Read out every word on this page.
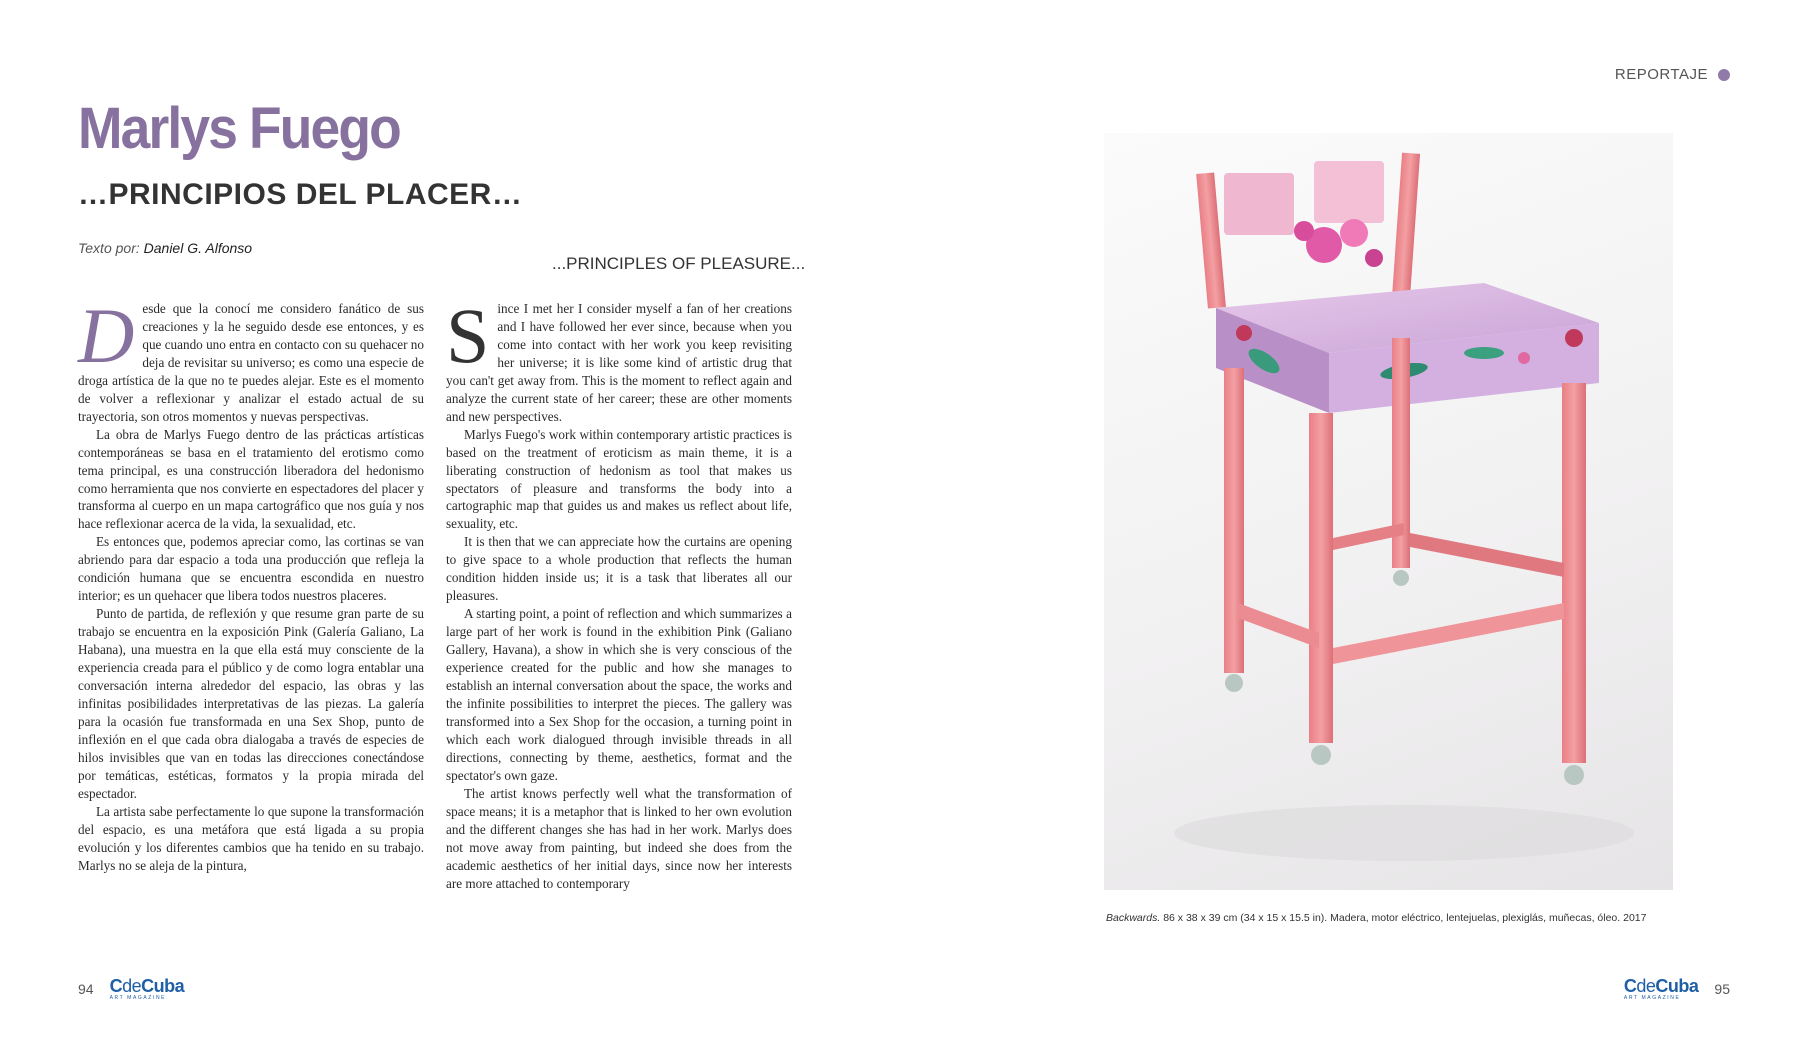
REPORTAJE
Marlys Fuego
…PRINCIPIOS DEL PLACER…
Texto por: Daniel G. Alfonso
...PRINCIPLES OF PLEASURE...

Desde que la conocí me considero fanático de sus creaciones y la he seguido desde ese entonces, y es que cuando uno entra en contacto con su quehacer no deja de revisitar su universo; es como una especie de droga artística de la que no te puedes alejar. Este es el momento de volver a reflexionar y analizar el estado actual de su trayectoria, son otros momentos y nuevas perspectivas.

La obra de Marlys Fuego dentro de las prácticas artísticas contemporáneas se basa en el tratamiento del erotismo como tema principal, es una construcción liberadora del hedonismo como herramienta que nos convierte en espectadores del placer y transforma al cuerpo en un mapa cartográfico que nos guía y nos hace reflexionar acerca de la vida, la sexualidad, etc.

Es entonces que, podemos apreciar como, las cortinas se van abriendo para dar espacio a toda una producción que refleja la condición humana que se encuentra escondida en nuestro interior; es un quehacer que libera todos nuestros placeres.

Punto de partida, de reflexión y que resume gran parte de su trabajo se encuentra en la exposición Pink (Galería Galiano, La Habana), una muestra en la que ella está muy consciente de la experiencia creada para el público y de como logra entablar una conversación interna alrededor del espacio, las obras y las infinitas posibilidades interpretativas de las piezas. La galería para la ocasión fue transformada en una Sex Shop, punto de inflexión en el que cada obra dialogaba a través de especies de hilos invisibles que van en todas las direcciones conectándose por temáticas, estéticas, formatos y la propia mirada del espectador.

La artista sabe perfectamente lo que supone la transformación del espacio, es una metáfora que está ligada a su propia evolución y los diferentes cambios que ha tenido en su trabajo. Marlys no se aleja de la pintura,

Since I met her I consider myself a fan of her creations and I have followed her ever since, because when you come into contact with her work you keep revisiting her universe; it is like some kind of artistic drug that you can't get away from. This is the moment to reflect again and analyze the current state of her career; these are other moments and new perspectives.

Marlys Fuego's work within contemporary artistic practices is based on the treatment of eroticism as main theme, it is a liberating construction of hedonism as tool that makes us spectators of pleasure and transforms the body into a cartographic map that guides us and makes us reflect about life, sexuality, etc.

It is then that we can appreciate how the curtains are opening to give space to a whole production that reflects the human condition hidden inside us; it is a task that liberates all our pleasures.

A starting point, a point of reflection and which summarizes a large part of her work is found in the exhibition Pink (Galiano Gallery, Havana), a show in which she is very conscious of the experience created for the public and how she manages to establish an internal conversation about the space, the works and the infinite possibilities to interpret the pieces. The gallery was transformed into a Sex Shop for the occasion, a turning point in which each work dialogued through invisible threads in all directions, connecting by theme, aesthetics, format and the spectator's own gaze.

The artist knows perfectly well what the transformation of space means; it is a metaphor that is linked to her own evolution and the different changes she has had in her work. Marlys does not move away from painting, but indeed she does from the academic aesthetics of her initial days, since now her interests are more attached to contemporary

Backwards. 86 x 38 x 39 cm (34 x 15 x 15.5 in). Madera, motor eléctrico, lentejuelas, plexiglás, muñecas, óleo. 2017
94 CdeCuba
ART MAGAZINE
CdeCuba
ART MAGAZINE
95
